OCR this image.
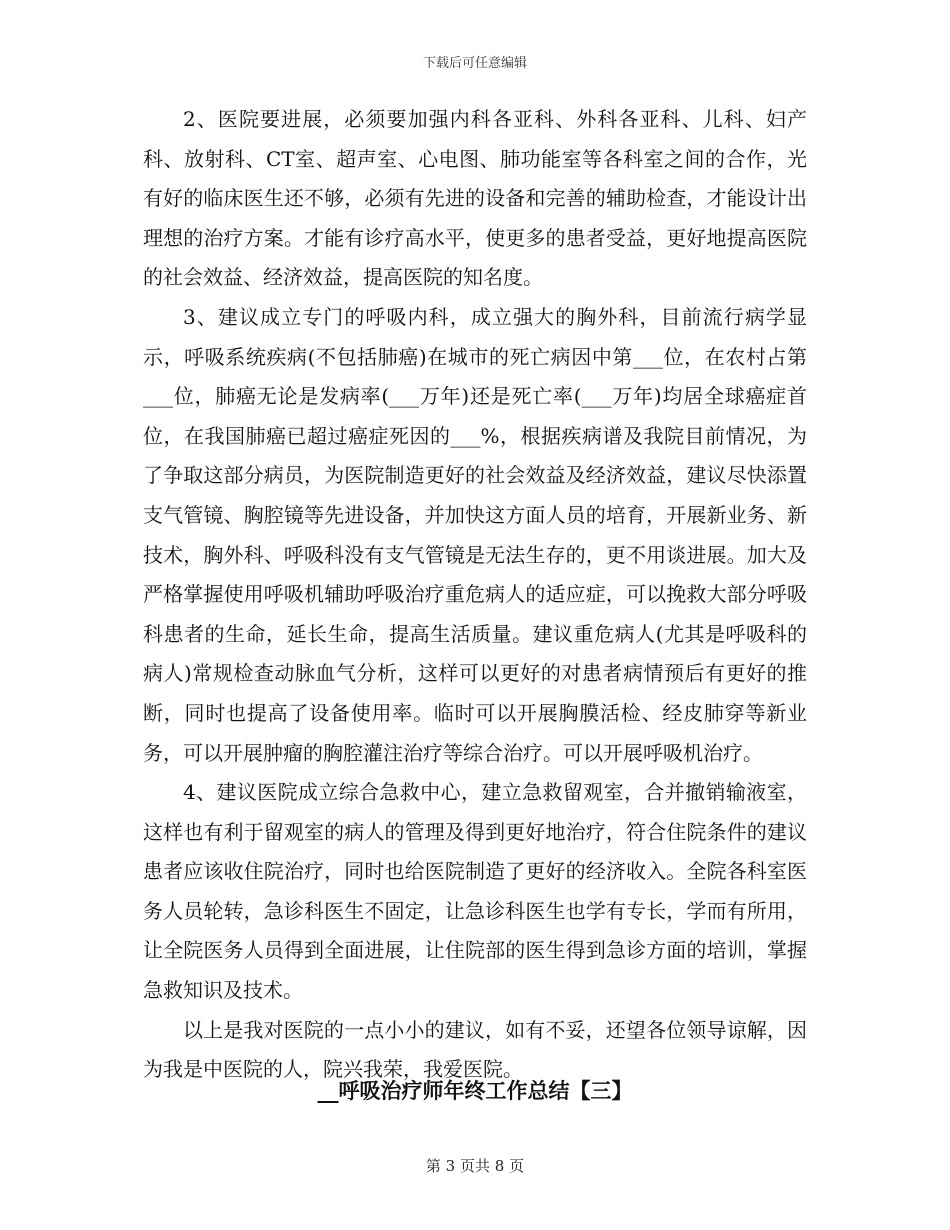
下载后可任意编辑

2、医院要进展，必须要加强内科各亚科、外科各亚科、儿科、妇产科、放射科、CT室、超声室、心电图、肺功能室等各科室之间的合作，光有好的临床医生还不够，必须有先进的设备和完善的辅助检查，才能设计出理想的治疗方案。才能有诊疗高水平，使更多的患者受益，更好地提高医院的社会效益、经济效益，提高医院的知名度。

3、建议成立专门的呼吸内科，成立强大的胸外科，目前流行病学显示，呼吸系统疾病(不包括肺癌)在城市的死亡病因中第___位，在农村占第___位，肺癌无论是发病率(___万年)还是死亡率(___万年)均居全球癌症首位，在我国肺癌已超过癌症死因的___%，根据疾病谱及我院目前情况，为了争取这部分病员，为医院制造更好的社会效益及经济效益，建议尽快添置支气管镜、胸腔镜等先进设备，并加快这方面人员的培育，开展新业务、新技术，胸外科、呼吸科没有支气管镜是无法生存的，更不用谈进展。加大及严格掌握使用呼吸机辅助呼吸治疗重危病人的适应症，可以挽救大部分呼吸科患者的生命，延长生命，提高生活质量。建议重危病人(尤其是呼吸科的病人)常规检查动脉血气分析，这样可以更好的对患者病情预后有更好的推断，同时也提高了设备使用率。临时可以开展胸膜活检、经皮肺穿等新业务，可以开展肿瘤的胸腔灌注治疗等综合治疗。可以开展呼吸机治疗。

4、建议医院成立综合急救中心，建立急救留观室，合并撤销输液室，这样也有利于留观室的病人的管理及得到更好地治疗，符合住院条件的建议患者应该收住院治疗，同时也给医院制造了更好的经济收入。全院各科室医务人员轮转，急诊科医生不固定，让急诊科医生也学有专长，学而有所用，让全院医务人员得到全面进展，让住院部的医生得到急诊方面的培训，掌握急救知识及技术。

以上是我对医院的一点小小的建议，如有不妥，还望各位领导谅解，因为我是中医院的人，院兴我荣，我爱医院。

__呼吸治疗师年终工作总结【三】
第 3 页共 8 页
